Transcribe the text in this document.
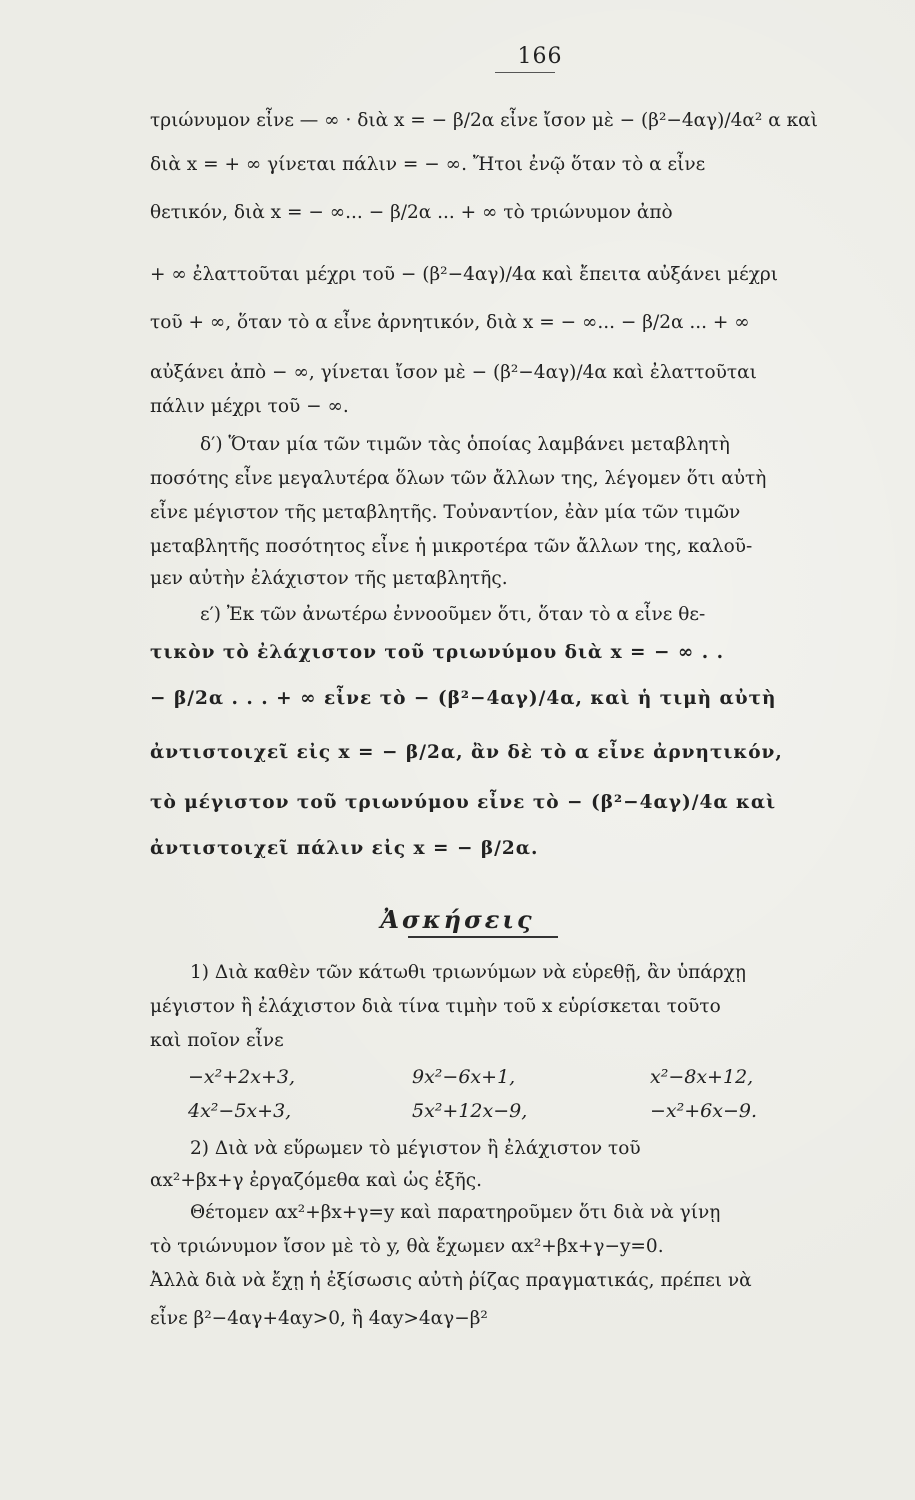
166
τριώνυμον εἶνε — ∞ · διὰ x = − β/2α εἶνε ἴσον μὲ − (β²−4αγ)/4α² α καὶ
διὰ x = + ∞ γίνεται πάλιν = − ∞. Ἤτοι ἐνῷ ὅταν τὸ α εἶνε
θετικόν, διὰ x = − ∞... − β/2α ... + ∞ τὸ τριώνυμον ἀπὸ
+ ∞ ἐλαττοῦται μέχρι τοῦ − (β²−4αγ)/4α καὶ ἔπειτα αὐξάνει μέχρι
τοῦ + ∞, ὅταν τὸ α εἶνε ἀρνητικόν, διὰ x = − ∞... − β/2α ... + ∞
αὐξάνει ἀπὸ − ∞, γίνεται ἴσον μὲ − (β²−4αγ)/4α καὶ ἐλαττοῦται
πάλιν μέχρι τοῦ − ∞.
δ′) Ὅταν μία τῶν τιμῶν τὰς ὁποίας λαμβάνει μεταβλητὴ
ποσότης εἶνε μεγαλυτέρα ὅλων τῶν ἄλλων της, λέγομεν ὅτι αὐτὴ
εἶνε μέγιστον τῆς μεταβλητῆς. Τοὐναντίον, ἐὰν μία τῶν τιμῶν
μεταβλητῆς ποσότητος εἶνε ἡ μικροτέρα τῶν ἄλλων της, καλοῦ-
μεν αὐτὴν ἐλάχιστον τῆς μεταβλητῆς.
ε′) Ἐκ τῶν ἀνωτέρω ἐννοοῦμεν ὅτι, ὅταν τὸ α εἶνε θε-
τικὸν τὸ ἐλάχιστον τοῦ τριωνύμου διὰ x = − ∞ . .
− β/2α . . . + ∞ εἶνε τὸ − (β²−4αγ)/4α, καὶ ἡ τιμὴ αὐτὴ
ἀντιστοιχεῖ εἰς x = − β/2α, ἂν δὲ τὸ α εἶνε ἀρνητικόν,
τὸ μέγιστον τοῦ τριωνύμου εἶνε τὸ − (β²−4αγ)/4α καὶ
ἀντιστοιχεῖ πάλιν εἰς x = − β/2α.
Ἀσκήσεις
1) Διὰ καθὲν τῶν κάτωθι τριωνύμων νὰ εὑρεθῇ, ἂν ὑπάρχῃ
μέγιστον ἢ ἐλάχιστον διὰ τίνα τιμὴν τοῦ x εὑρίσκεται τοῦτο
καὶ ποῖον εἶνε
−x²+2x+3,	9x²−6x+1,	x²−8x+12,
4x²−5x+3,	5x²+12x−9,	−x²+6x−9.
2) Διὰ νὰ εὕρωμεν τὸ μέγιστον ἢ ἐλάχιστον τοῦ
αx²+βx+γ ἐργαζόμεθα καὶ ὡς ἑξῆς.
Θέτομεν αx²+βx+γ=y καὶ παρατηροῦμεν ὅτι διὰ νὰ γίνῃ
τὸ τριώνυμον ἴσον μὲ τὸ y, θὰ ἔχωμεν αx²+βx+γ−y=0.
Ἀλλὰ διὰ νὰ ἔχῃ ἡ ἐξίσωσις αὐτὴ ῥίζας πραγματικάς, πρέπει νὰ
εἶνε β²−4αγ+4αy>0, ἢ 4αy>4αγ−β²
